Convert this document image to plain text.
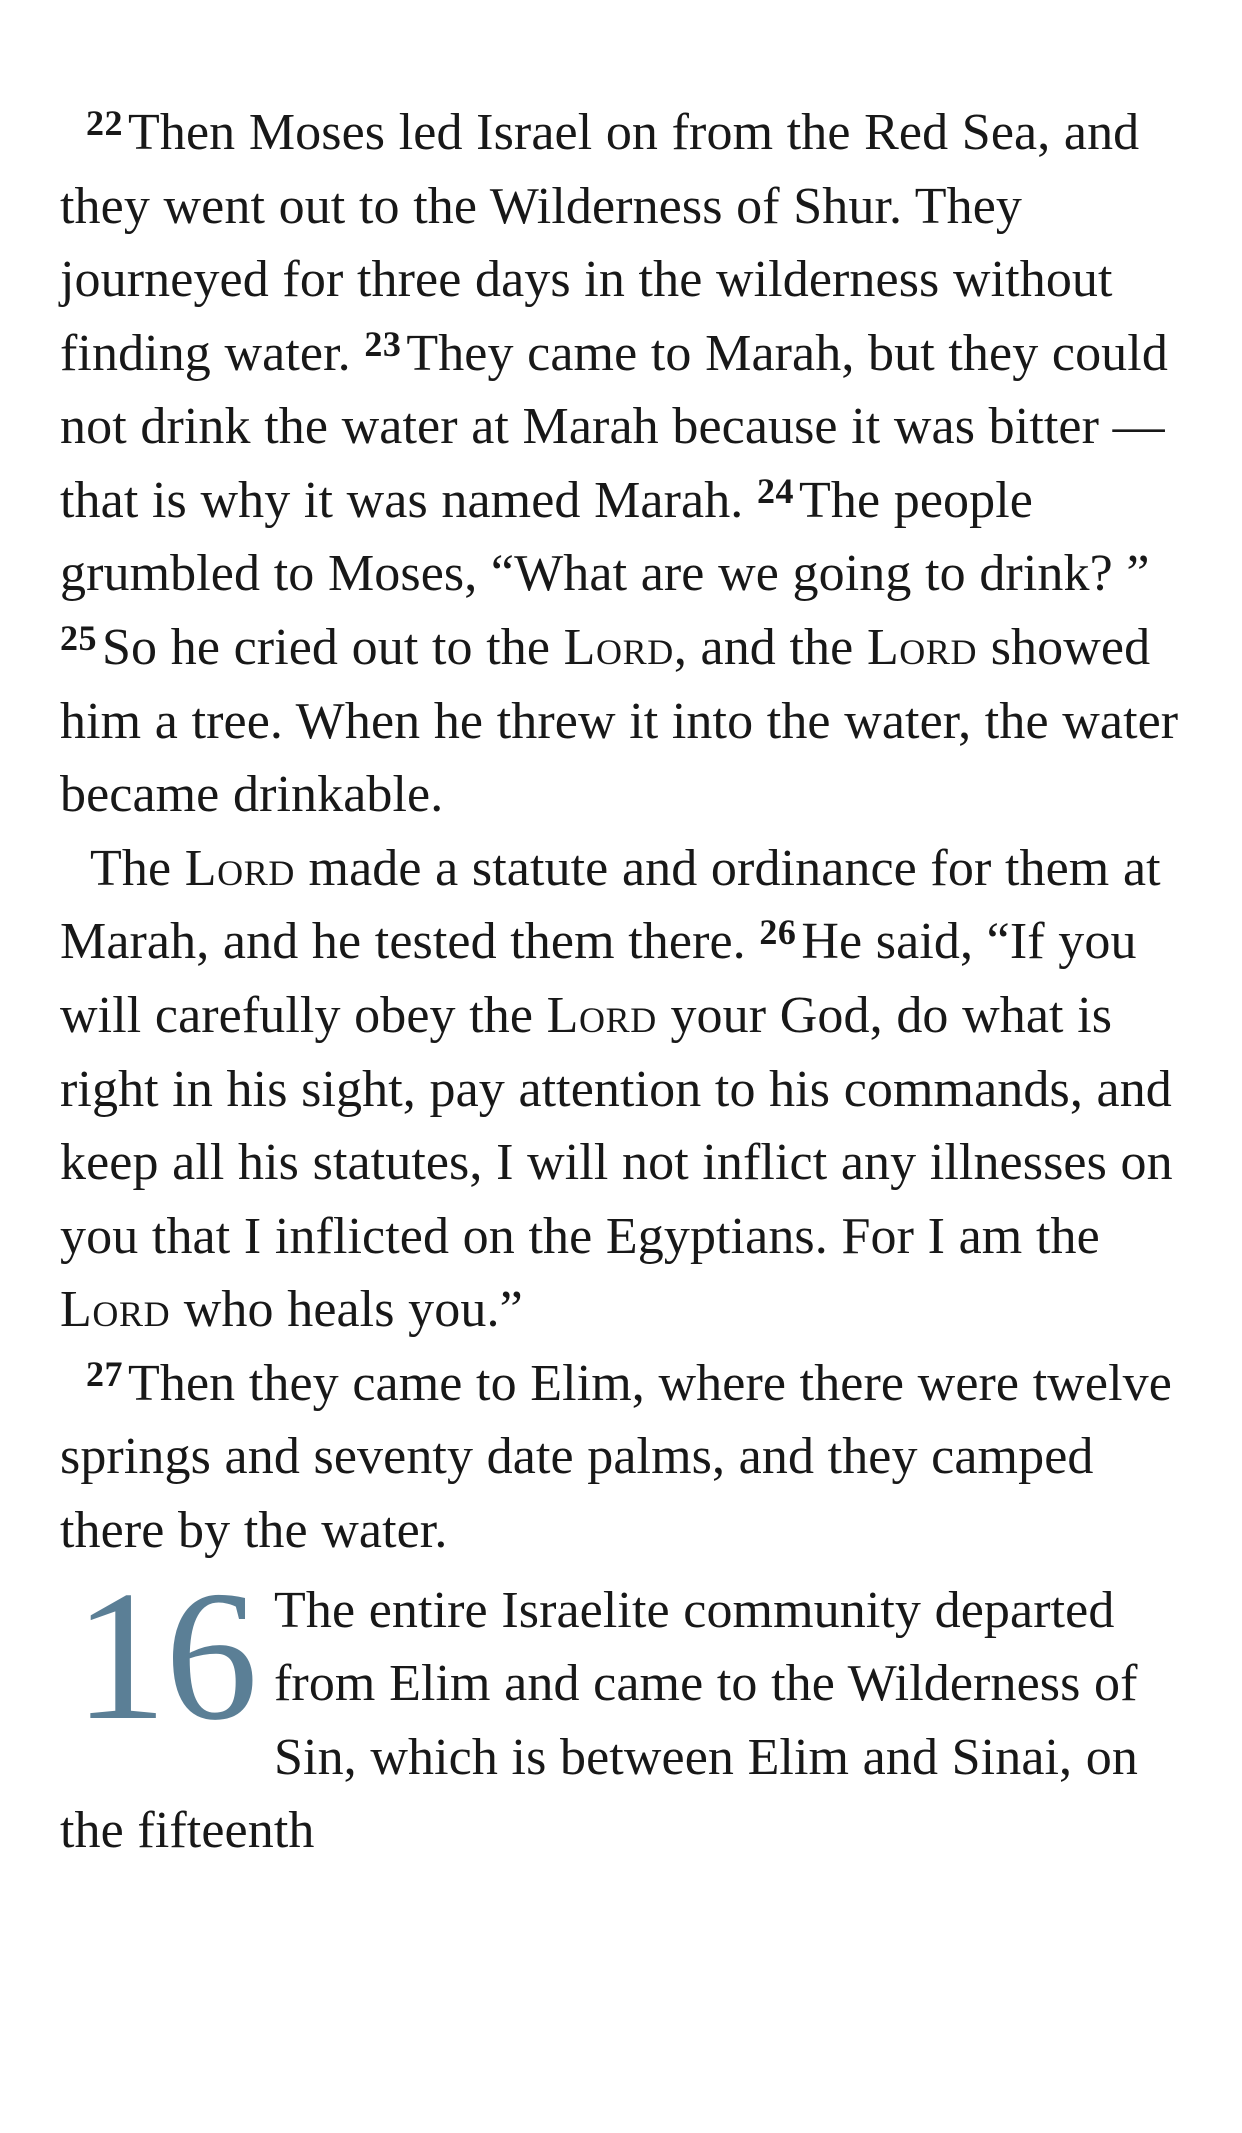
$^{22}$Then Moses led Israel on from the Red Sea, and they went out to the Wilderness of Shur. They journeyed for three days in the wilderness without finding water. $^{23}$They came to Marah, but they could not drink the water at Marah because it was bitter — that is why it was named Marah. $^{24}$The people grumbled to Moses, “What are we going to drink? ” $^{25}$So he cried out to the Lord, and the Lord showed him a tree. When he threw it into the water, the water became drinkable.

The Lord made a statute and ordinance for them at Marah, and he tested them there. $^{26}$He said, “If you will carefully obey the Lord your God, do what is right in his sight, pay attention to his commands, and keep all his statutes, I will not inflict any illnesses on you that I inflicted on the Egyptians. For I am the Lord who heals you.”

$^{27}$Then they came to Elim, where there were twelve springs and seventy date palms, and they camped there by the water.

16 The entire Israelite community departed from Elim and came to the Wilderness of Sin, which is between Elim and Sinai, on the fifteenth
